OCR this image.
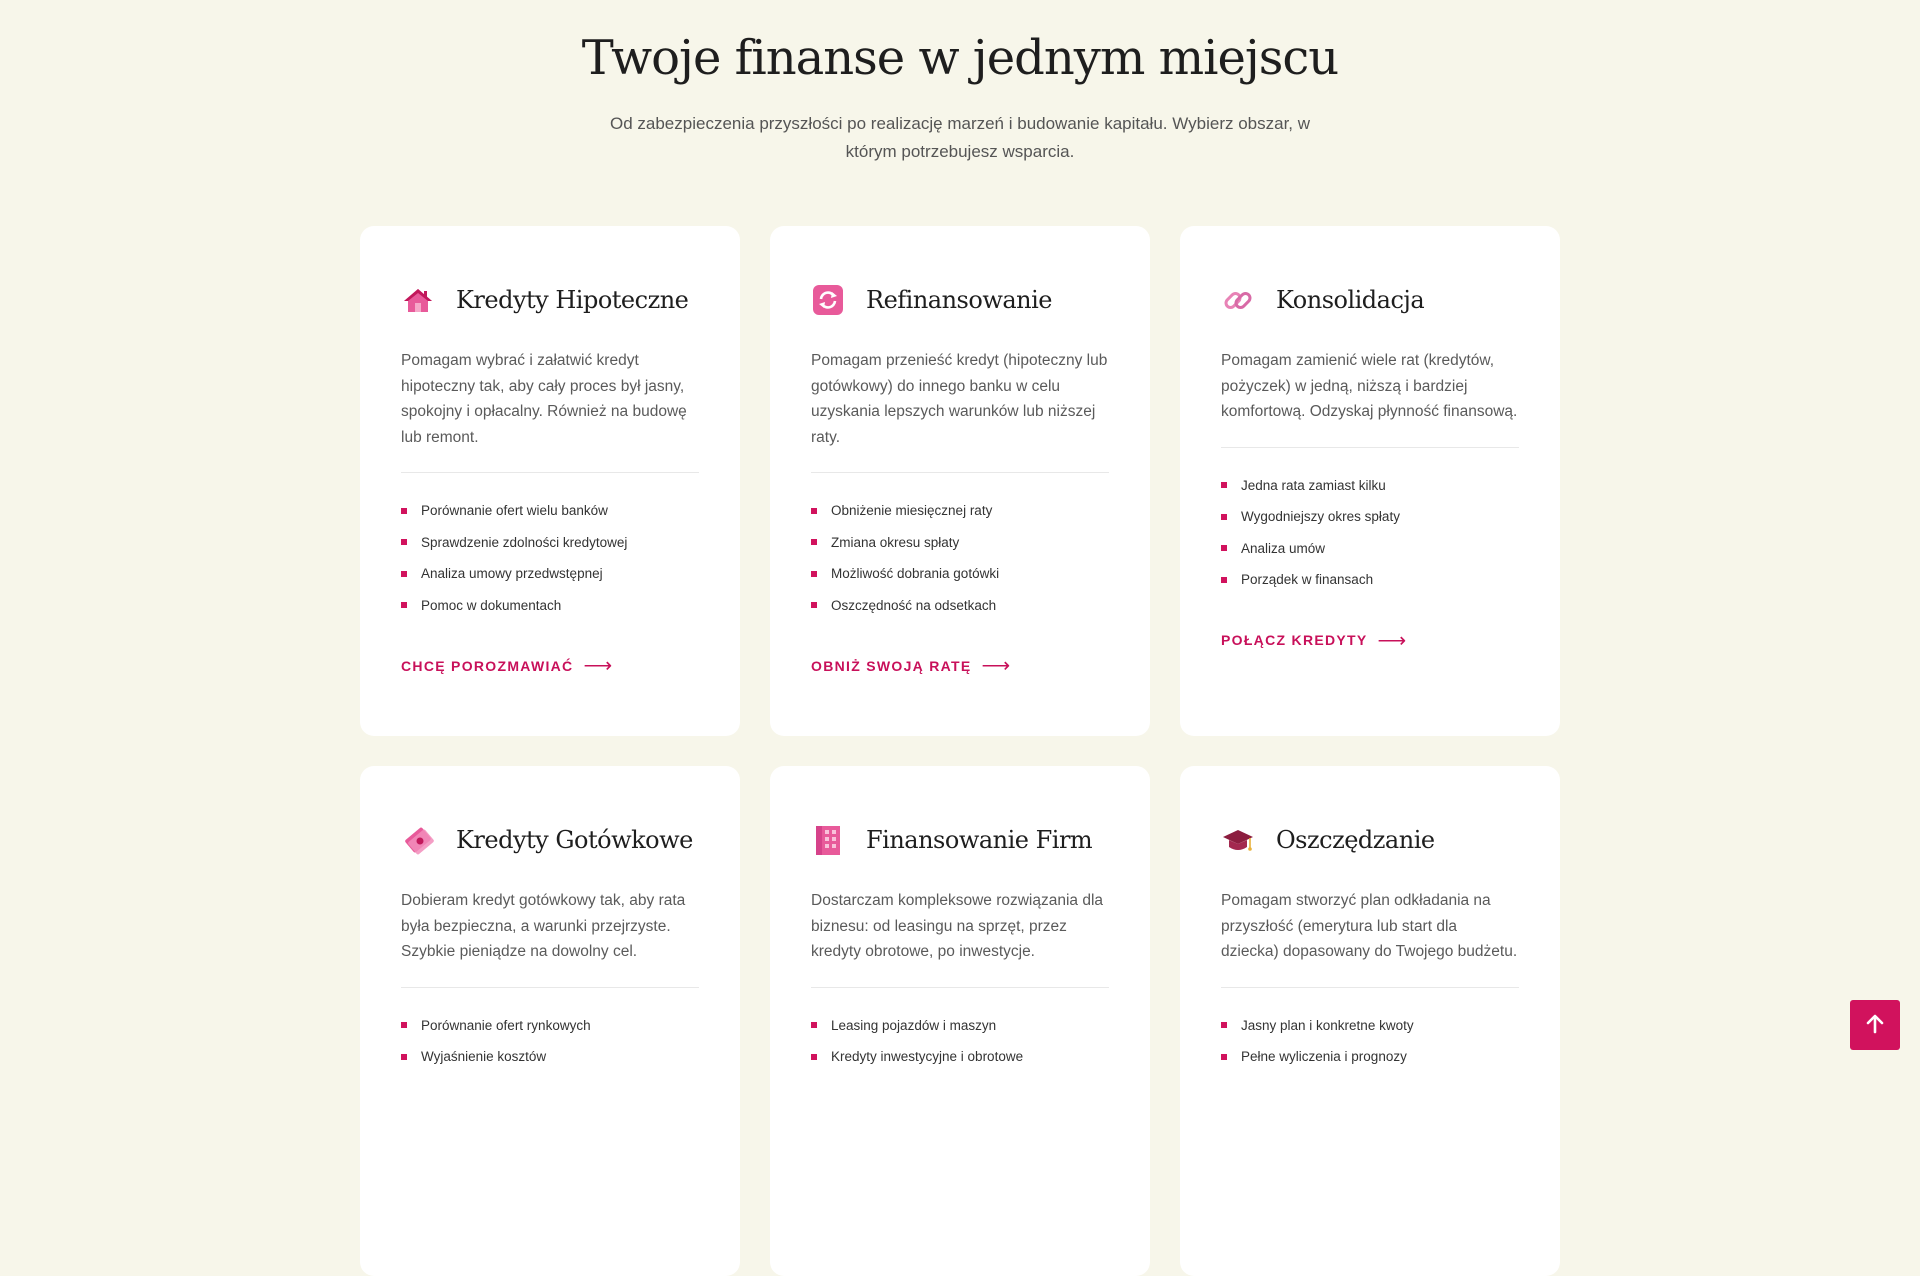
Twoje finanse w jednym miejscu

Od zabezpieczenia przyszłości po realizację marzeń i budowanie kapitału. Wybierz obszar, w którym potrzebujesz wsparcia.

Kredyty Hipoteczne

Pomagam wybrać i załatwić kredyt hipoteczny tak, aby cały proces był jasny, spokojny i opłacalny. Również na budowę lub remont.

Porównanie ofert wielu banków
Sprawdzenie zdolności kredytowej
Analiza umowy przedwstępnej
Pomoc w dokumentach
CHCĘ POROZMAWIAĆ ⟶
Refinansowanie

Pomagam przenieść kredyt (hipoteczny lub gotówkowy) do innego banku w celu uzyskania lepszych warunków lub niższej raty.

Obniżenie miesięcznej raty
Zmiana okresu spłaty
Możliwość dobrania gotówki
Oszczędność na odsetkach
OBNIŻ SWOJĄ RATĘ ⟶
Konsolidacja

Pomagam zamienić wiele rat (kredytów, pożyczek) w jedną, niższą i bardziej komfortową. Odzyskaj płynność finansową.

Jedna rata zamiast kilku
Wygodniejszy okres spłaty
Analiza umów
Porządek w finansach
POŁĄCZ KREDYTY ⟶
Kredyty Gotówkowe

Dobieram kredyt gotówkowy tak, aby rata była bezpieczna, a warunki przejrzyste. Szybkie pieniądze na dowolny cel.

Porównanie ofert rynkowych
Wyjaśnienie kosztów
Finansowanie Firm

Dostarczam kompleksowe rozwiązania dla biznesu: od leasingu na sprzęt, przez kredyty obrotowe, po inwestycje.

Leasing pojazdów i maszyn
Kredyty inwestycyjne i obrotowe
Oszczędzanie

Pomagam stworzyć plan odkładania na przyszłość (emerytura lub start dla dziecka) dopasowany do Twojego budżetu.

Jasny plan i konkretne kwoty
Pełne wyliczenia i prognozy
